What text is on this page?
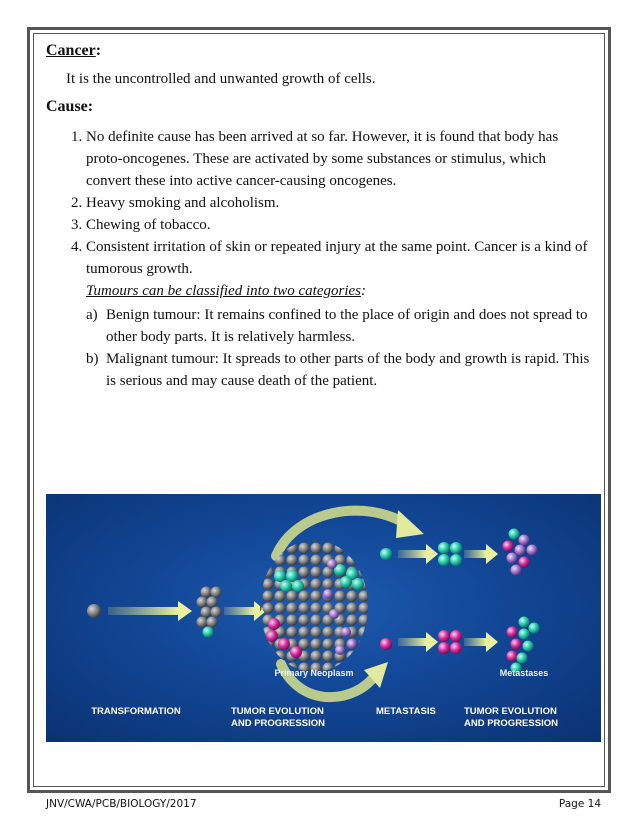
Cancer:
It is the uncontrolled and unwanted growth of cells.
Cause:
1. No definite cause has been arrived at so far. However, it is found that body has proto-oncogenes. These are activated by some substances or stimulus, which convert these into active cancer-causing oncogenes.
2. Heavy smoking and alcoholism.
3. Chewing of tobacco.
4. Consistent irritation of skin or repeated injury at the same point. Cancer is a kind of tumorous growth.
Tumours can be classified into two categories:
a) Benign tumour: It remains confined to the place of origin and does not spread to other body parts. It is relatively harmless.
b) Malignant tumour: It spreads to other parts of the body and growth is rapid. This is serious and may cause death of the patient.
Primary Neoplasm	Metastases
TRANSFORMATION	TUMOR EVOLUTION
AND PROGRESSION
METASTASIS	TUMOR EVOLUTION
AND PROGRESSION
JNV/CWA/PCB/BIOLOGY/2017	Page 14
